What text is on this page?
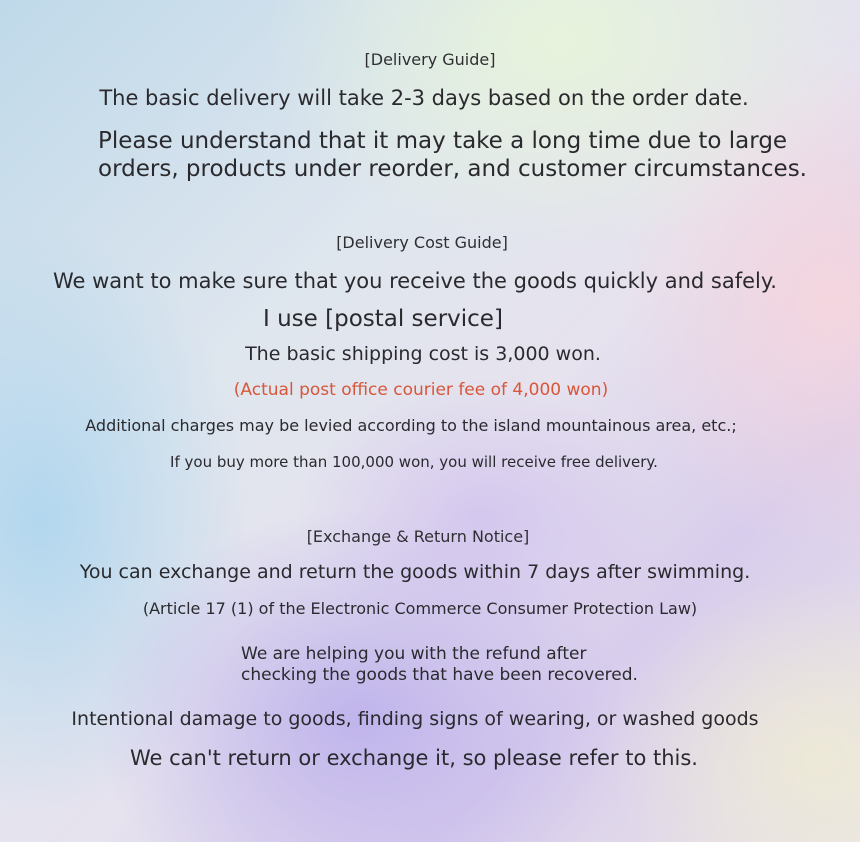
[Delivery Guide]
The basic delivery will take 2-3 days based on the order date.
Please understand that it may take a long time due to large
orders, products under reorder, and customer circumstances.
[Delivery Cost Guide]
We want to make sure that you receive the goods quickly and safely.
I use [postal service]
The basic shipping cost is 3,000 won.
(Actual post office courier fee of 4,000 won)
Additional charges may be levied according to the island mountainous area, etc.;
If you buy more than 100,000 won, you will receive free delivery.
[Exchange & Return Notice]
You can exchange and return the goods within 7 days after swimming.
(Article 17 (1) of the Electronic Commerce Consumer Protection Law)
We are helping you with the refund after
checking the goods that have been recovered.
Intentional damage to goods, finding signs of wearing, or washed goods
We can't return or exchange it, so please refer to this.
